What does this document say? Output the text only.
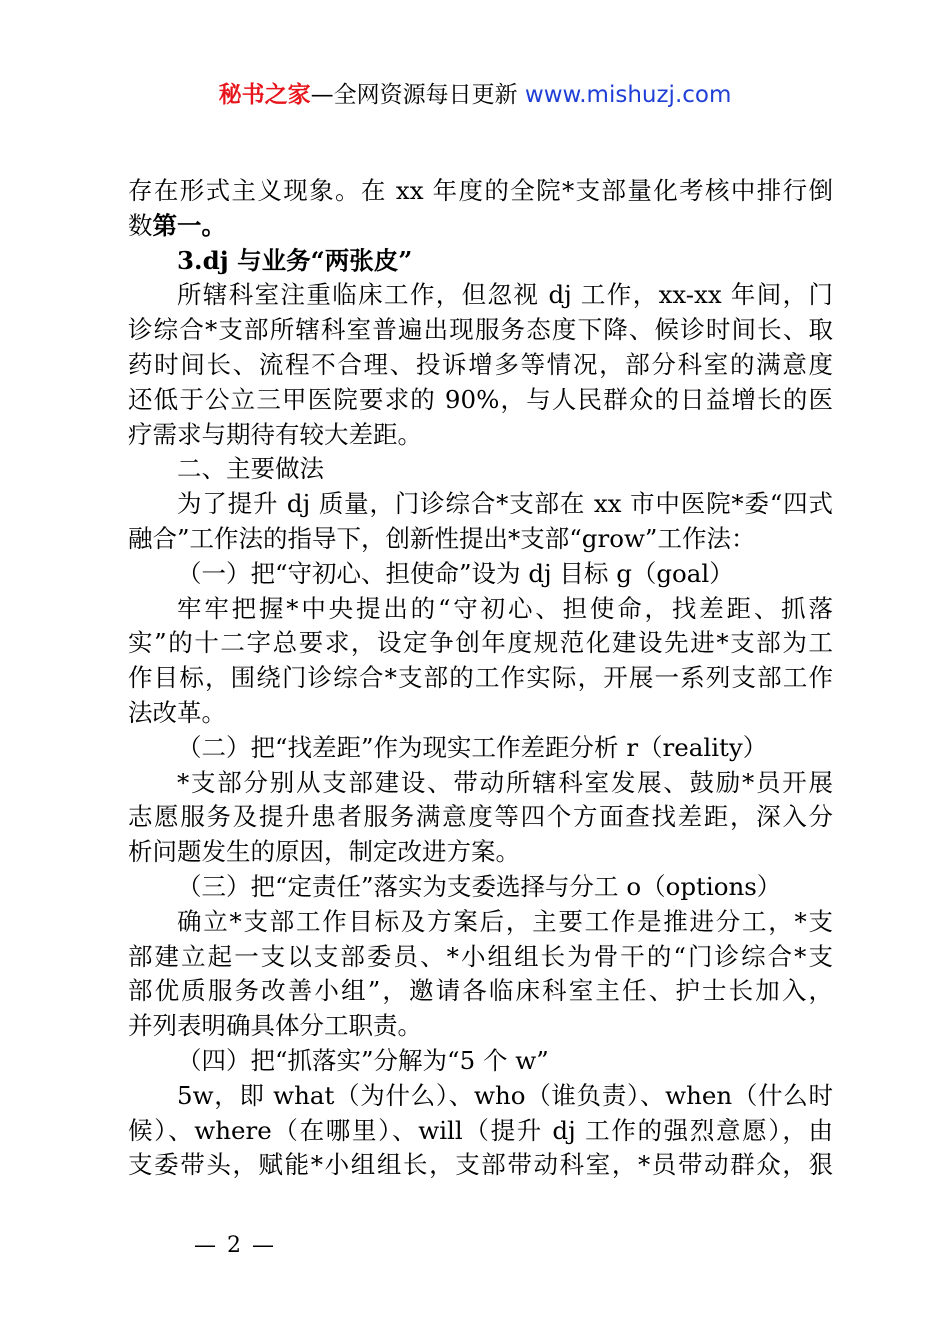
秘书之家—全网资源每日更新 www.mishuzj.com
存在形式主义现象。在 xx 年度的全院*支部量化考核中排行倒
数第一。
3.dj 与业务“两张皮”
所辖科室注重临床工作，但忽视 dj 工作，xx-xx 年间，门
诊综合*支部所辖科室普遍出现服务态度下降、候诊时间长、取
药时间长、流程不合理、投诉增多等情况，部分科室的满意度
还低于公立三甲医院要求的 90%，与人民群众的日益增长的医
疗需求与期待有较大差距。
二、主要做法
为了提升 dj 质量，门诊综合*支部在 xx 市中医院*委“四式
融合”工作法的指导下，创新性提出*支部“grow”工作法：
（一）把“守初心、担使命”设为 dj 目标 g（goal）
牢牢把握*中央提出的“守初心、担使命，找差距、抓落
实”的十二字总要求，设定争创年度规范化建设先进*支部为工
作目标，围绕门诊综合*支部的工作实际，开展一系列支部工作
法改革。
（二）把“找差距”作为现实工作差距分析 r（reality）
*支部分别从支部建设、带动所辖科室发展、鼓励*员开展
志愿服务及提升患者服务满意度等四个方面查找差距，深入分
析问题发生的原因，制定改进方案。
（三）把“定责任”落实为支委选择与分工 o（options）
确立*支部工作目标及方案后，主要工作是推进分工，*支
部建立起一支以支部委员、*小组组长为骨干的“门诊综合*支
部优质服务改善小组”，邀请各临床科室主任、护士长加入，
并列表明确具体分工职责。
（四）把“抓落实”分解为“5 个 w”
5w，即 what（为什么）、who（谁负责）、when（什么时
候）、where（在哪里）、will（提升 dj 工作的强烈意愿），由
支委带头，赋能*小组组长，支部带动科室，*员带动群众，狠
— 2 —
